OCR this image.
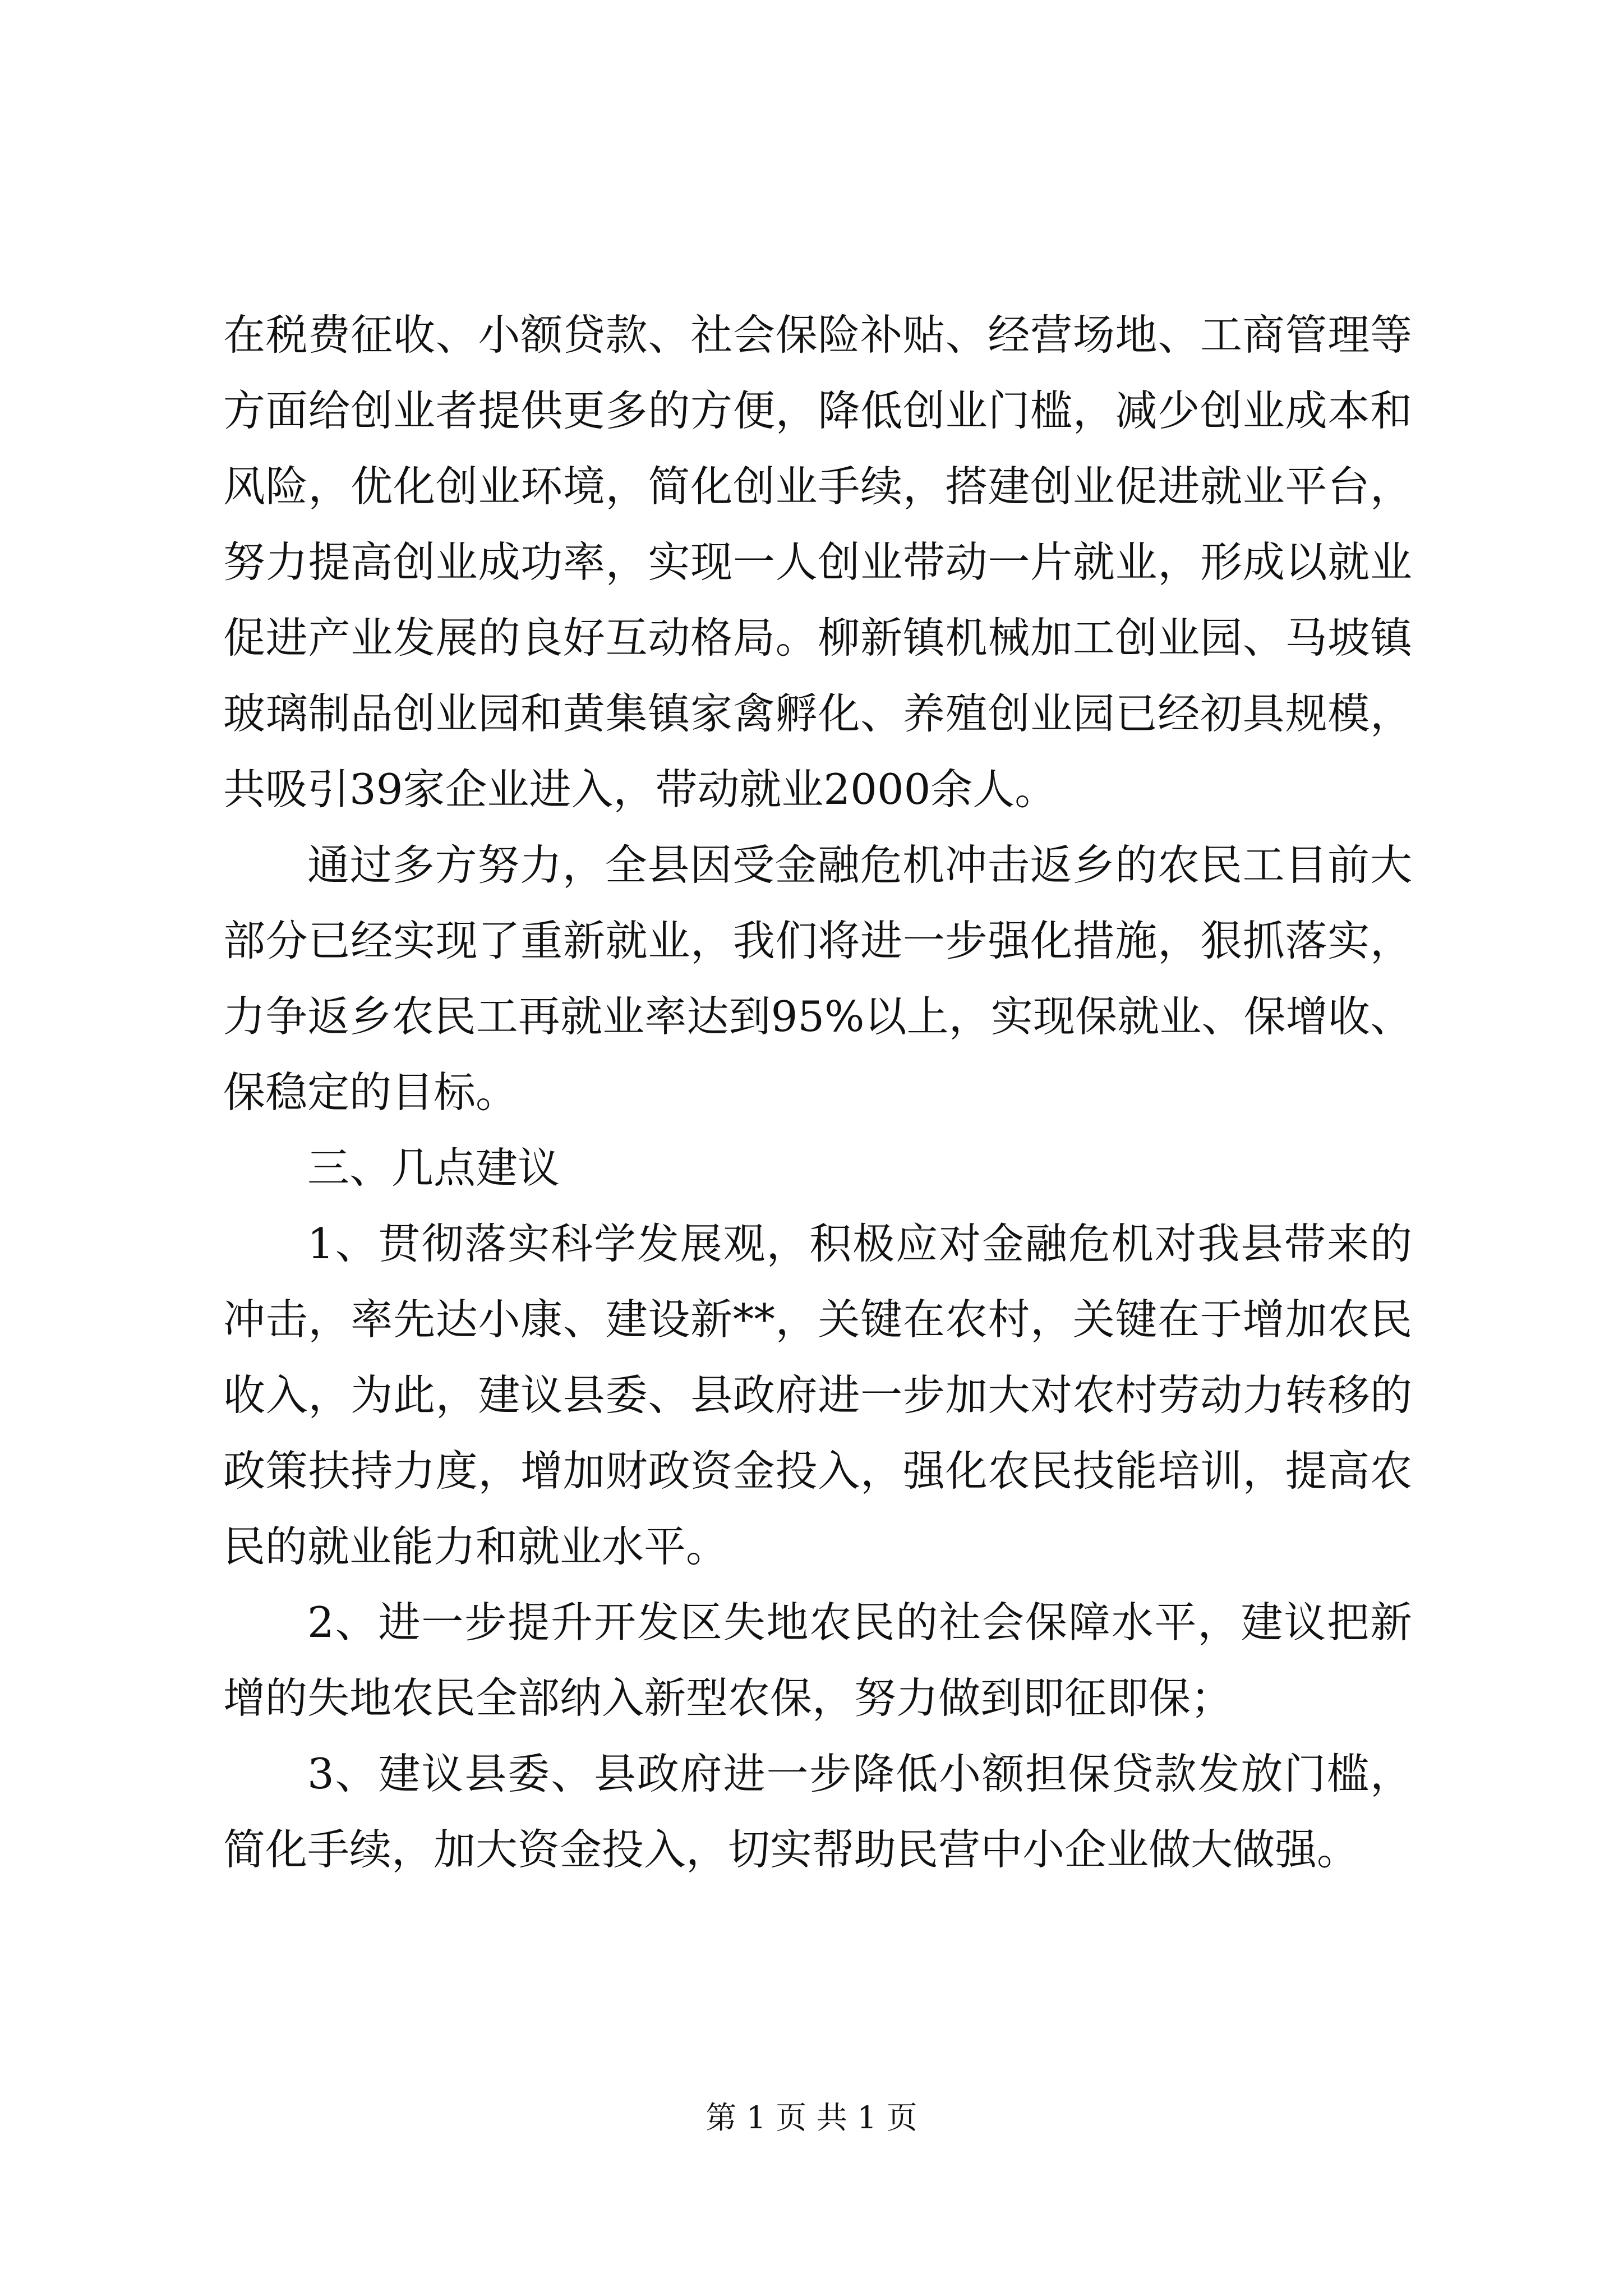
在税费征收、小额贷款、社会保险补贴、经营场地、工商管理等方面给创业者提供更多的方便，降低创业门槛，减少创业成本和风险，优化创业环境，简化创业手续，搭建创业促进就业平台，努力提高创业成功率，实现一人创业带动一片就业，形成以就业促进产业发展的良好互动格局。柳新镇机械加工创业园、马坡镇玻璃制品创业园和黄集镇家禽孵化、养殖创业园已经初具规模，共吸引39家企业进入，带动就业2000余人。

通过多方努力，全县因受金融危机冲击返乡的农民工目前大部分已经实现了重新就业，我们将进一步强化措施，狠抓落实，力争返乡农民工再就业率达到95%以上，实现保就业、保增收、保稳定的目标。

三、几点建议

1、贯彻落实科学发展观，积极应对金融危机对我县带来的冲击，率先达小康、建设新**，关键在农村，关键在于增加农民收入，为此，建议县委、县政府进一步加大对农村劳动力转移的政策扶持力度，增加财政资金投入，强化农民技能培训，提高农民的就业能力和就业水平。

2、进一步提升开发区失地农民的社会保障水平，建议把新增的失地农民全部纳入新型农保，努力做到即征即保；

3、建议县委、县政府进一步降低小额担保贷款发放门槛，简化手续，加大资金投入，切实帮助民营中小企业做大做强。

第 1 页 共 1 页
